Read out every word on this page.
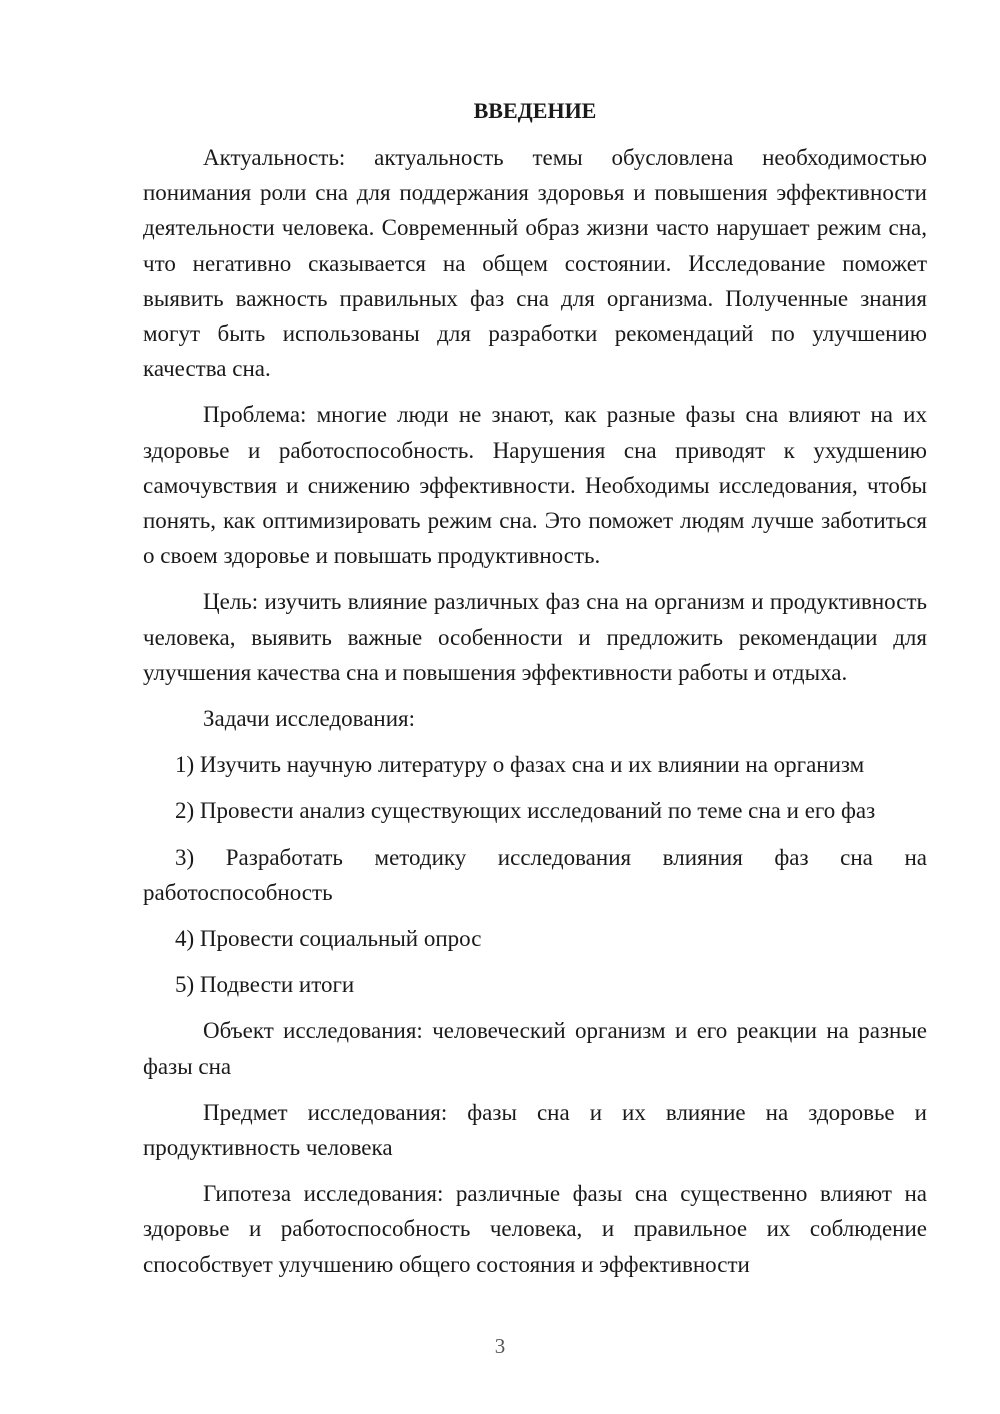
ВВЕДЕНИЕ

Актуальность: актуальность темы обусловлена необходимостью понимания роли сна для поддержания здоровья и повышения эффективности деятельности человека. Современный образ жизни часто нарушает режим сна, что негативно сказывается на общем состоянии. Исследование поможет выявить важность правильных фаз сна для организма. Полученные знания могут быть использованы для разработки рекомендаций по улучшению качества сна.

Проблема: многие люди не знают, как разные фазы сна влияют на их здоровье и работоспособность. Нарушения сна приводят к ухудшению самочувствия и снижению эффективности. Необходимы исследования, чтобы понять, как оптимизировать режим сна. Это поможет людям лучше заботиться о своем здоровье и повышать продуктивность.

Цель: изучить влияние различных фаз сна на организм и продуктивность человека, выявить важные особенности и предложить рекомендации для улучшения качества сна и повышения эффективности работы и отдыха.

Задачи исследования:

1) Изучить научную литературу о фазах сна и их влиянии на организм

2) Провести анализ существующих исследований по теме сна и его фаз

3) Разработать методику исследования влияния фаз сна на работоспособность

4) Провести социальный опрос

5) Подвести итоги

Объект исследования: человеческий организм и его реакции на разные фазы сна

Предмет исследования: фазы сна и их влияние на здоровье и продуктивность человека

Гипотеза исследования: различные фазы сна существенно влияют на здоровье и работоспособность человека, и правильное их соблюдение способствует улучшению общего состояния и эффективности

3
